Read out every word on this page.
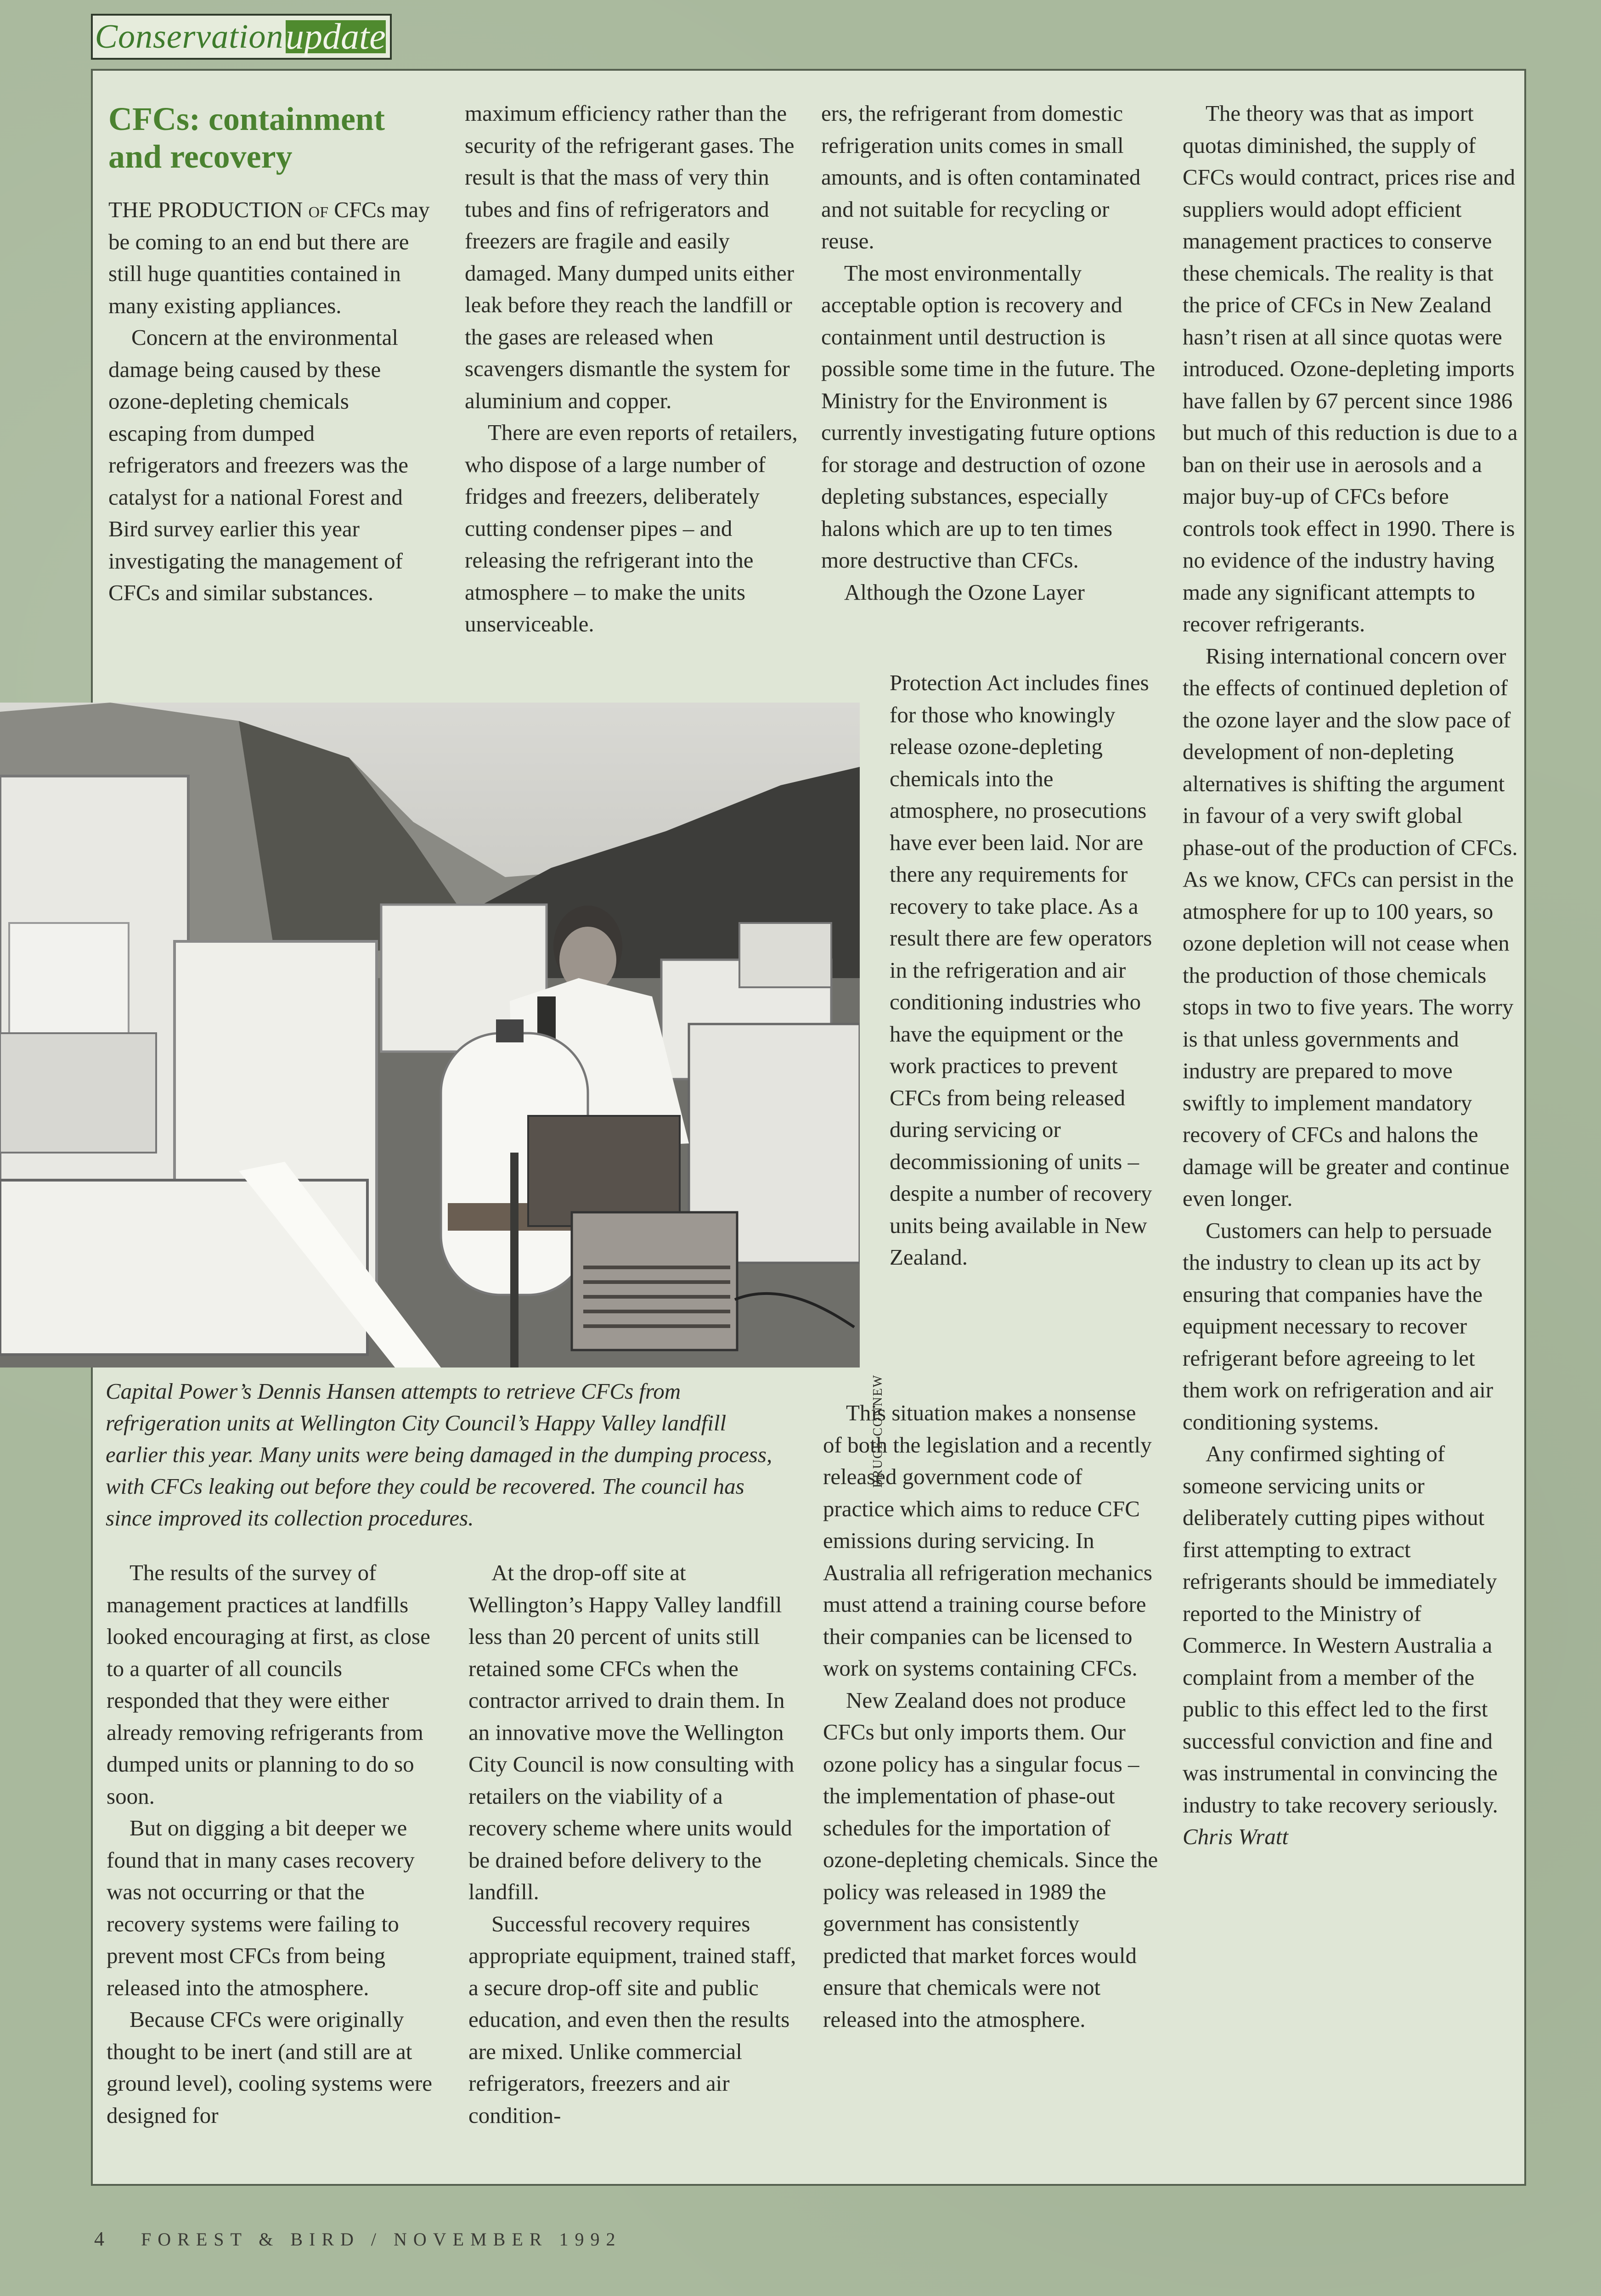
Conservation update
CFCs: containment
and recovery

THE PRODUCTION of CFCs may be coming to an end but there are still huge quantities contained in many existing appliances.

Concern at the environmental damage being caused by these ozone-depleting chemicals escaping from dumped refrigerators and freezers was the catalyst for a national Forest and Bird survey earlier this year investigating the management of CFCs and similar substances.

maximum efficiency rather than the security of the refrigerant gases. The result is that the mass of very thin tubes and fins of refrigerators and freezers are fragile and easily damaged. Many dumped units either leak before they reach the landfill or the gases are released when scavengers dismantle the system for aluminium and copper.

There are even reports of retailers, who dispose of a large number of fridges and freezers, deliberately cutting condenser pipes – and releasing the refrigerant into the atmosphere – to make the units unserviceable.

ers, the refrigerant from domestic refrigeration units comes in small amounts, and is often contaminated and not suitable for recycling or reuse.

The most environmentally acceptable option is recovery and containment until destruction is possible some time in the future. The Ministry for the Environment is currently investigating future options for storage and destruction of ozone depleting substances, especially halons which are up to ten times more destructive than CFCs.

Although the Ozone Layer

Protection Act includes fines for those who knowingly release ozone-depleting chemicals into the atmosphere, no prosecutions have ever been laid. Nor are there any requirements for recovery to take place. As a result there are few operators in the refrigeration and air conditioning industries who have the equipment or the work practices to prevent CFCs from being released during servicing or decommissioning of units – despite a number of recovery units being available in New Zealand.

This situation makes a nonsense of both the legislation and a recently released government code of practice which aims to reduce CFC emissions during servicing. In Australia all refrigeration mechanics must attend a training course before their companies can be licensed to work on systems containing CFCs.

New Zealand does not produce CFCs but only imports them. Our ozone policy has a singular focus – the implementation of phase-out schedules for the importation of ozone-depleting chemicals. Since the policy was released in 1989 the government has consistently predicted that market forces would ensure that chemicals were not released into the atmosphere.

The theory was that as import quotas diminished, the supply of CFCs would contract, prices rise and suppliers would adopt efficient management practices to conserve these chemicals. The reality is that the price of CFCs in New Zealand hasn’t risen at all since quotas were introduced. Ozone-depleting imports have fallen by 67 percent since 1986 but much of this reduction is due to a ban on their use in aerosols and a major buy-up of CFCs before controls took effect in 1990. There is no evidence of the industry having made any significant attempts to recover refrigerants.

Rising international concern over the effects of continued depletion of the ozone layer and the slow pace of development of non-depleting alternatives is shifting the argument in favour of a very swift global phase-out of the production of CFCs. As we know, CFCs can persist in the atmosphere for up to 100 years, so ozone depletion will not cease when the production of those chemicals stops in two to five years. The worry is that unless governments and industry are prepared to move swiftly to implement mandatory recovery of CFCs and halons the damage will be greater and continue even longer.

Customers can help to persuade the industry to clean up its act by ensuring that companies have the equipment necessary to recover refrigerant before agreeing to let them work on refrigeration and air conditioning systems.

Any confirmed sighting of someone servicing units or deliberately cutting pipes without first attempting to extract refrigerants should be immediately reported to the Ministry of Commerce. In Western Australia a complaint from a member of the public to this effect led to the first successful conviction and fine and was instrumental in convincing the industry to take recovery seriously.

Chris Wratt

BRUCE CONNEW
Capital Power’s Dennis Hansen attempts to retrieve CFCs from refrigeration units at Wellington City Council’s Happy Valley landfill earlier this year. Many units were being damaged in the dumping process, with CFCs leaking out before they could be recovered. The council has since improved its collection procedures.

The results of the survey of management practices at landfills looked encouraging at first, as close to a quarter of all councils responded that they were either already removing refrigerants from dumped units or planning to do so soon.

But on digging a bit deeper we found that in many cases recovery was not occurring or that the recovery systems were failing to prevent most CFCs from being released into the atmosphere.

Because CFCs were originally thought to be inert (and still are at ground level), cooling systems were designed for

At the drop-off site at Wellington’s Happy Valley landfill less than 20 percent of units still retained some CFCs when the contractor arrived to drain them. In an innovative move the Wellington City Council is now consulting with retailers on the viability of a recovery scheme where units would be drained before delivery to the landfill.

Successful recovery requires appropriate equipment, trained staff, a secure drop-off site and public education, and even then the results are mixed. Unlike commercial refrigerators, freezers and air condition-

4 FOREST & BIRD / NOVEMBER 1992
